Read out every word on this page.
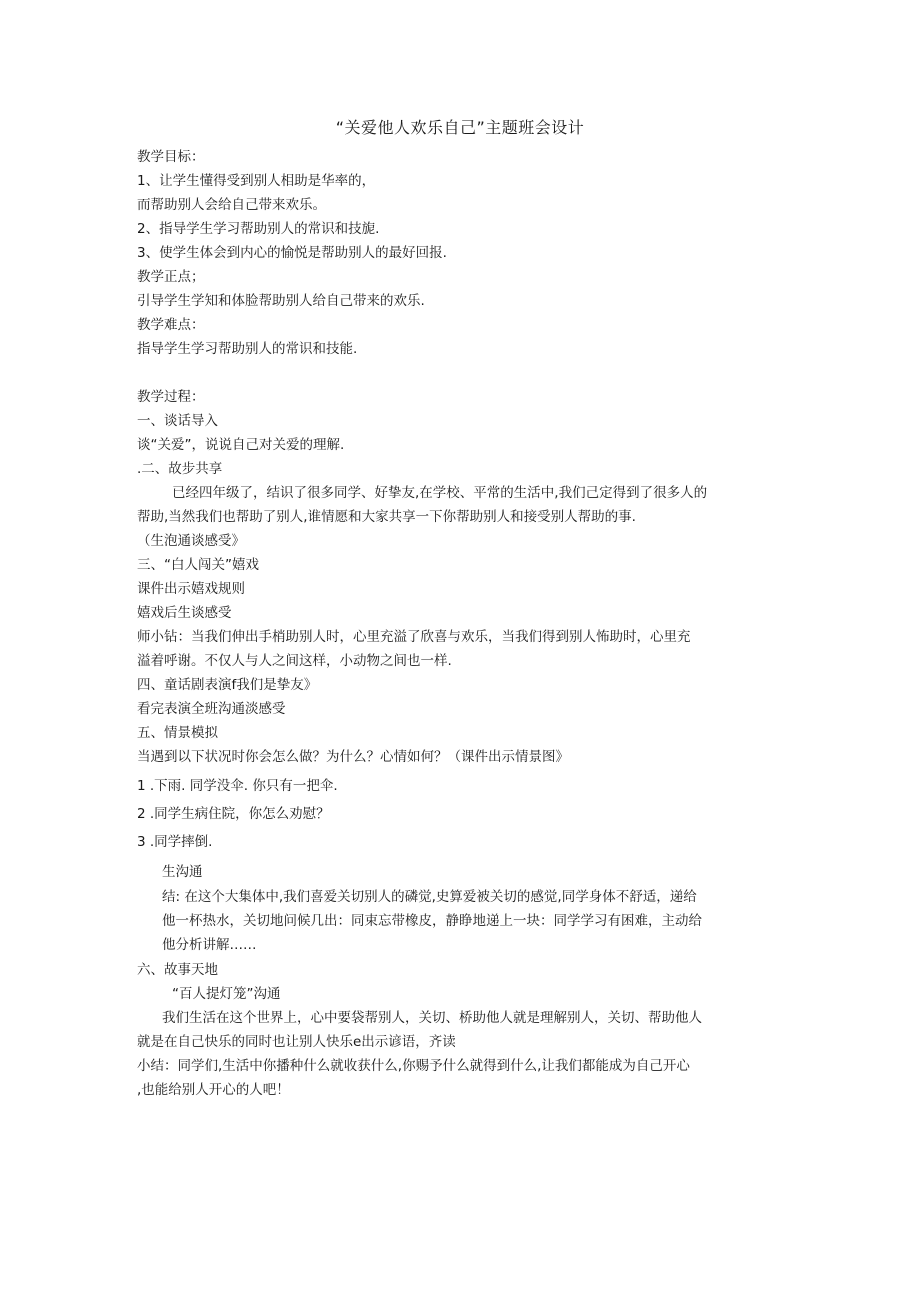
“关爱他人欢乐自己”主题班会设计
教学目标：
1、让学生懂得受到别人相助是华率的，
而帮助别人会给自己带来欢乐。
2、指导学生学习帮助别人的常识和技旎.
3、使学生体会到内心的愉悦是帮助别人的最好回报.
教学正点；
引导学生学知和体脸帮助别人给自己带来的欢乐.
教学难点：
指导学生学习帮助别人的常识和技能.
教学过程：
一、谈话导入
谈“关爱”，说说自己对关爱的理解.
.二、故步共享
已经四年级了，结识了很多同学、好挚友,在学校、平常的生活中,我们己定得到了很多人的
帮助,当然我们也帮助了别人,谁情愿和大家共享一下你帮助别人和接受别人帮助的事.
（生泡通谈感受》
三、“白人闯关”嬉戏
课件出示嬉戏规则
嬉戏后生谈感受
师小钻：当我们伸出手梢助别人时，心里充溢了欣喜与欢乐，当我们得到别人怖助时，心里充
溢着呼谢。不仅人与人之间这样，小动物之间也一样.
四、童话剧表演f我们是挚友》
看完表演全班沟通淡感受
五、情景模拟
当遇到以下状况时你会怎么做？为什么？心情如何？（课件出示情景图》
1 .下雨. 同学没伞. 你只有一把伞.
2 .同学生病住院，你怎么劝慰？
3 .同学摔倒.
生沟通
结: 在这个大集体中,我们喜爱关切别人的磷觉,史算爱被关切的感觉,同学身体不舒适，递给
他一杯热水，关切地问候几出：同束忘带橡皮，静睁地递上一块：同学学习有困难，主动给
他分析讲解……
六、故事天地
“百人提灯笼”沟通
我们生活在这个世界上，心中要袋帮别人，关切、桥助他人就是理解别人，关切、帮助他人
就是在自己快乐的同时也让别人快乐e出示谚语，齐读
小结：同学们,生活中你播种什么就收获什么,你赐予什么就得到什么,让我们都能成为自己开心
,也能给别人开心的人吧！
